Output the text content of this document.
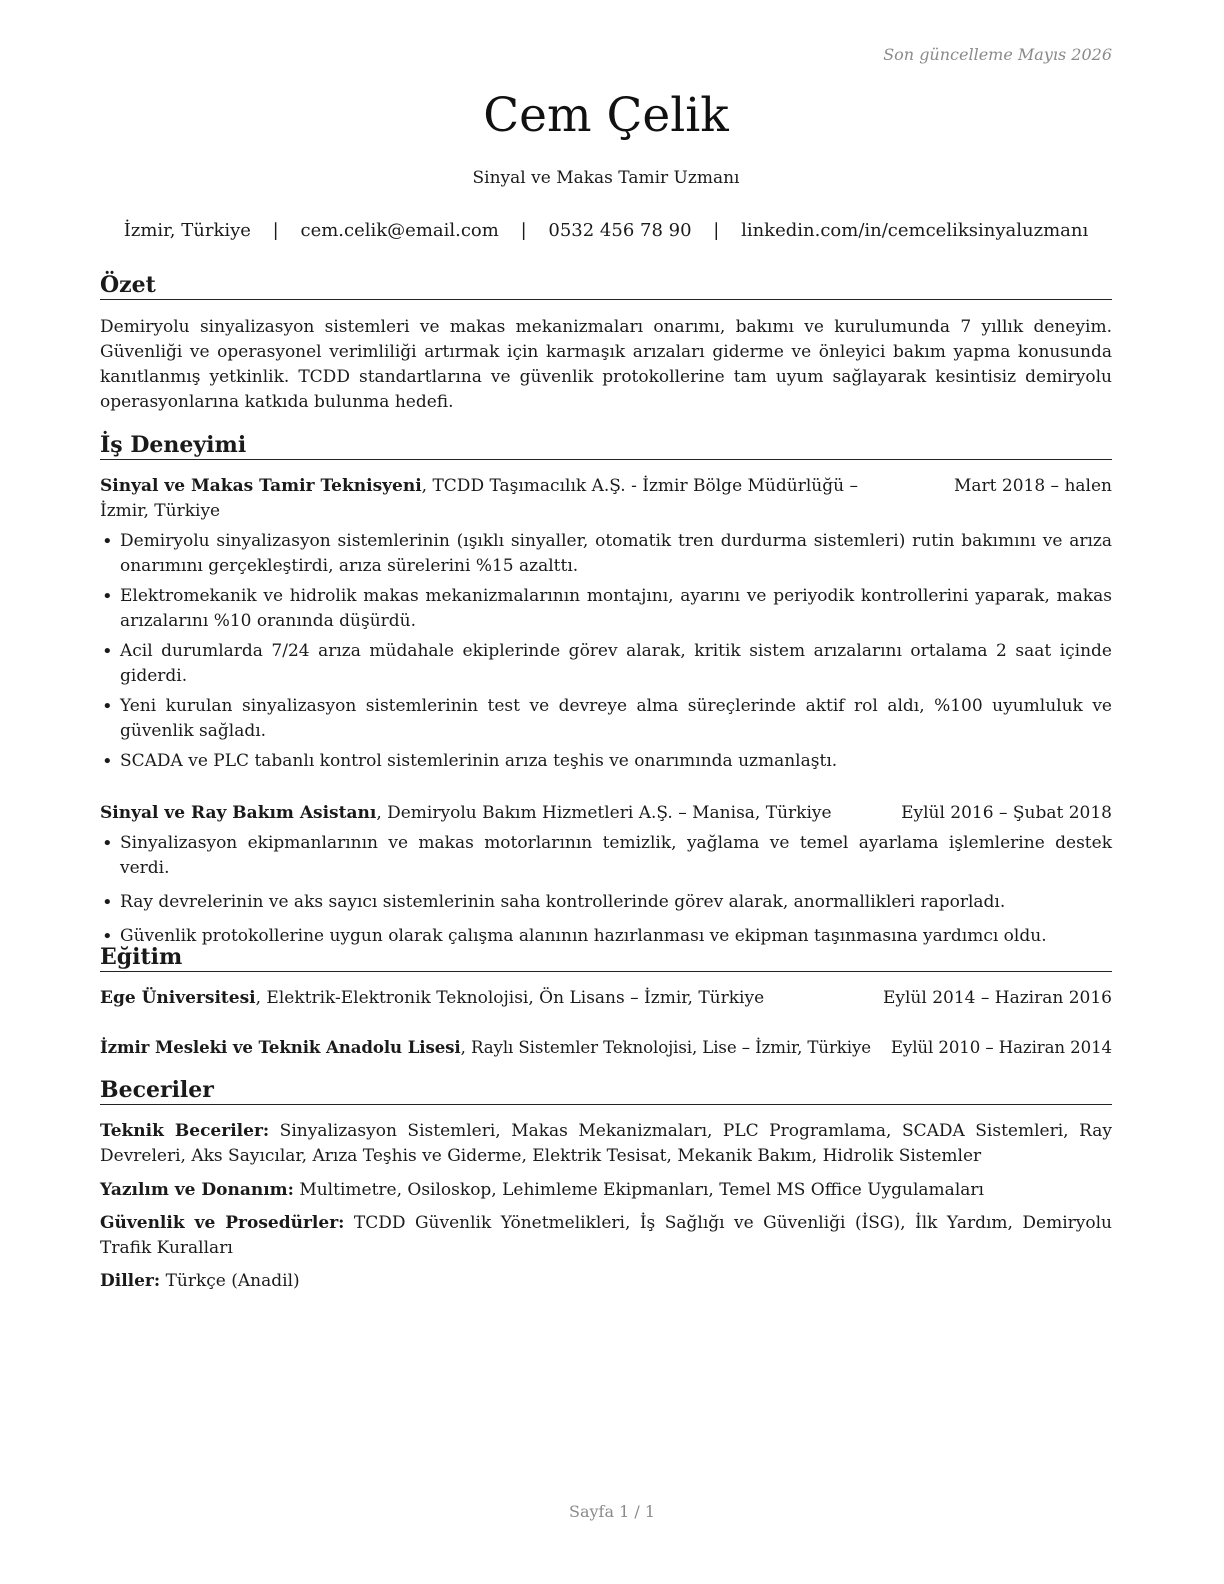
Son güncelleme Mayıs 2026
Cem Çelik
Sinyal ve Makas Tamir Uzmanı
İzmir, Türkiye | cem.celik@email.com | 0532 456 78 90 | linkedin.com/in/cemceliksinyaluzmanı
Özet
Demiryolu sinyalizasyon sistemleri ve makas mekanizmaları onarımı, bakımı ve kurulumunda 7 yıllık deneyim. Güvenliği ve operasyonel verimliliği artırmak için karmaşık arızaları giderme ve önleyici bakım yapma konusunda kanıtlanmış yetkinlik. TCDD standartlarına ve güvenlik protokollerine tam uyum sağlayarak kesintisiz demiryolu operasyonlarına katkıda bulunma hedefi.
İş Deneyimi
Sinyal ve Makas Tamir Teknisyeni, TCDD Taşımacılık A.Ş. - İzmir Bölge Müdürlüğü – İzmir, Türkiye
Mart 2018 – halen
• Demiryolu sinyalizasyon sistemlerinin (ışıklı sinyaller, otomatik tren durdurma sistemleri) rutin bakımını ve arıza onarımını gerçekleştirdi, arıza sürelerini %15 azalttı.
• Elektromekanik ve hidrolik makas mekanizmalarının montajını, ayarını ve periyodik kontrollerini yaparak, makas arızalarını %10 oranında düşürdü.
• Acil durumlarda 7/24 arıza müdahale ekiplerinde görev alarak, kritik sistem arızalarını ortalama 2 saat içinde giderdi.
• Yeni kurulan sinyalizasyon sistemlerinin test ve devreye alma süreçlerinde aktif rol aldı, %100 uyumluluk ve güvenlik sağladı.
• SCADA ve PLC tabanlı kontrol sistemlerinin arıza teşhis ve onarımında uzmanlaştı.
Sinyal ve Ray Bakım Asistanı, Demiryolu Bakım Hizmetleri A.Ş. – Manisa, Türkiye	Eylül 2016 – Şubat 2018
• Sinyalizasyon ekipmanlarının ve makas motorlarının temizlik, yağlama ve temel ayarlama işlemlerine destek verdi.
• Ray devrelerinin ve aks sayıcı sistemlerinin saha kontrollerinde görev alarak, anormallikleri raporladı.
• Güvenlik protokollerine uygun olarak çalışma alanının hazırlanması ve ekipman taşınmasına yardımcı oldu.
Eğitim
Ege Üniversitesi, Elektrik-Elektronik Teknolojisi, Ön Lisans – İzmir, Türkiye	Eylül 2014 – Haziran 2016
İzmir Mesleki ve Teknik Anadolu Lisesi, Raylı Sistemler Teknolojisi, Lise – İzmir, Türkiye	Eylül 2010 – Haziran 2014
Beceriler
Teknik Beceriler: Sinyalizasyon Sistemleri, Makas Mekanizmaları, PLC Programlama, SCADA Sistemleri, Ray Devreleri, Aks Sayıcılar, Arıza Teşhis ve Giderme, Elektrik Tesisat, Mekanik Bakım, Hidrolik Sistemler
Yazılım ve Donanım: Multimetre, Osiloskop, Lehimleme Ekipmanları, Temel MS Office Uygulamaları
Güvenlik ve Prosedürler: TCDD Güvenlik Yönetmelikleri, İş Sağlığı ve Güvenliği (İSG), İlk Yardım, Demiryolu Trafik Kuralları
Diller: Türkçe (Anadil)
Sayfa 1 / 1
